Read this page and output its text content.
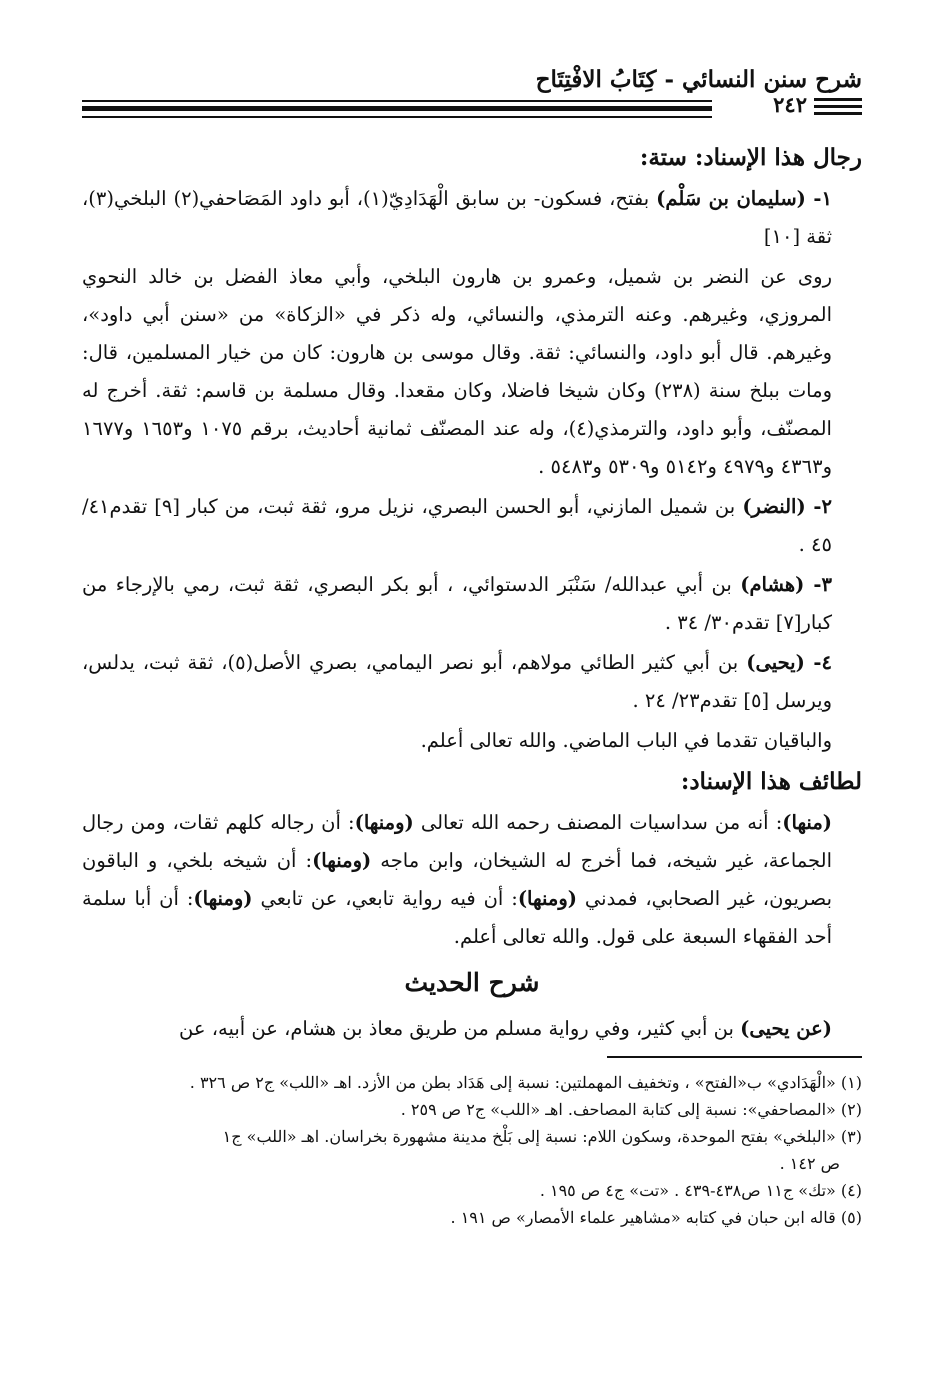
شرح سنن النسائي - كِتَابُ الافْتِتَاح
٢٤٢

رجال هذا الإسناد: ستة:

١- (سليمان بن سَلْم) بفتح، فسكون- بن سابق الْهَدَادِيّ(١)، أبو داود المَصَاحفي(٢) البلخي(٣)، ثقة [١٠]

روى عن النضر بن شميل، وعمرو بن هارون البلخي، وأبي معاذ الفضل بن خالد النحوي المروزي، وغيرهم. وعنه الترمذي، والنسائي، وله ذكر في «الزكاة» من «سنن أبي داود»، وغيرهم. قال أبو داود، والنسائي: ثقة. وقال موسى بن هارون: كان من خيار المسلمين، قال: ومات ببلخ سنة (٢٣٨) وكان شيخا فاضلا، وكان مقعدا. وقال مسلمة بن قاسم: ثقة. أخرج له المصنّف، وأبو داود، والترمذي(٤)، وله عند المصنّف ثمانية أحاديث، برقم ١٠٧٥ و١٦٥٣ و١٦٧٧ و٤٣٦٣ و٤٩٧٩ و٥١٤٢ و٥٣٠٩ و٥٤٨٣ .

٢- (النضر) بن شميل المازني، أبو الحسن البصري، نزيل مرو، ثقة ثبت، من كبار [٩] تقدم٤١/ ٤٥ .

٣- (هشام) بن أبي عبدالله/ سَنْبَر الدستوائي، ، أبو بكر البصري، ثقة ثبت، رمي بالإرجاء من كبار[٧] تقدم٣٠/ ٣٤ .

٤- (يحيى) بن أبي كثير الطائي مولاهم، أبو نصر اليمامي، بصري الأصل(٥)، ثقة ثبت، يدلس، ويرسل [٥] تقدم٢٣/ ٢٤ .

والباقيان تقدما في الباب الماضي. والله تعالى أعلم.

لطائف هذا الإسناد:

(منها): أنه من سداسيات المصنف رحمه الله تعالى (ومنها): أن رجاله كلهم ثقات، ومن رجال الجماعة، غير شيخه، فما أخرج له الشيخان، وابن ماجه (ومنها): أن شيخه بلخي، و الباقون بصريون، غير الصحابي، فمدني (ومنها): أن فيه رواية تابعي، عن تابعي (ومنها): أن أبا سلمة أحد الفقهاء السبعة على قول. والله تعالى أعلم.

شرح الحديث

(عن يحيى) بن أبي كثير، وفي رواية مسلم من طريق معاذ بن هشام، عن أبيه، عن

(١) «الْهَدَادي» ب«الفتح» ، وتخفيف المهملتين: نسبة إلى هَدَاد بطن من الأزد. اهـ «اللب» ج٢ ص ٣٢٦ .

(٢) «المصاحفي»: نسبة إلى كتابة المصاحف. اهـ «اللب» ج٢ ص ٢٥٩ .

(٣) «البلخي» بفتح الموحدة، وسكون اللام: نسبة إلى بَلْخ مدينة مشهورة بخراسان. اهـ «اللب» ج١

ص ١٤٢ .

(٤) «تك» ج١١ ص٤٣٨-٤٣٩ . «تت» ج٤ ص ١٩٥ .

(٥) قاله ابن حبان في كتابه «مشاهير علماء الأمصار» ص ١٩١ .
